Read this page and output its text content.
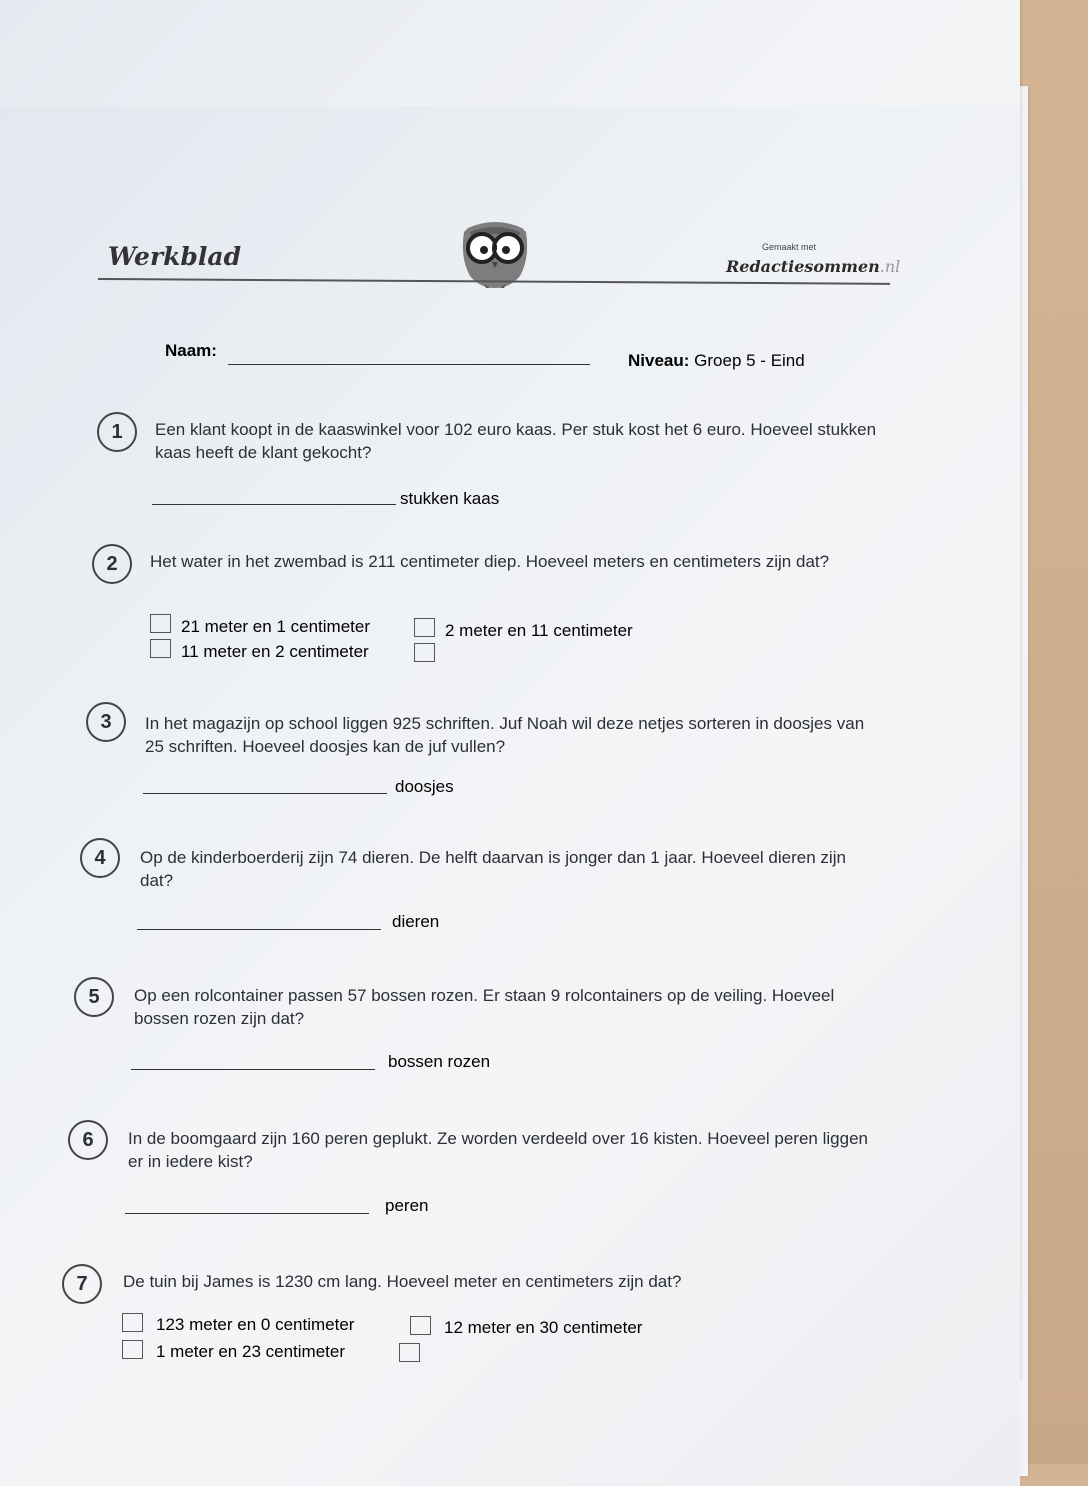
Werkblad	Gemaakt met
Redactiesommen.nl
Naam:
Niveau: Groep 5 - Eind
1	Een klant koopt in de kaaswinkel voor 102 euro kaas. Per stuk kost het 6 euro. Hoeveel stukken kaas heeft de klant gekocht?
stukken kaas
2	Het water in het zwembad is 211 centimeter diep. Hoeveel meters en centimeters zijn dat?
21 meter en 1 centimeter	2 meter en 11 centimeter
11 meter en 2 centimeter
3	In het magazijn op school liggen 925 schriften. Juf Noah wil deze netjes sorteren in doosjes van 25 schriften. Hoeveel doosjes kan de juf vullen?
doosjes
4	Op de kinderboerderij zijn 74 dieren. De helft daarvan is jonger dan 1 jaar. Hoeveel dieren zijn dat?
dieren
5	Op een rolcontainer passen 57 bossen rozen. Er staan 9 rolcontainers op de veiling. Hoeveel bossen rozen zijn dat?
bossen rozen
6	In de boomgaard zijn 160 peren geplukt. Ze worden verdeeld over 16 kisten. Hoeveel peren liggen er in iedere kist?
peren
7	De tuin bij James is 1230 cm lang. Hoeveel meter en centimeters zijn dat?
123 meter en 0 centimeter	12 meter en 30 centimeter
1 meter en 23 centimeter
